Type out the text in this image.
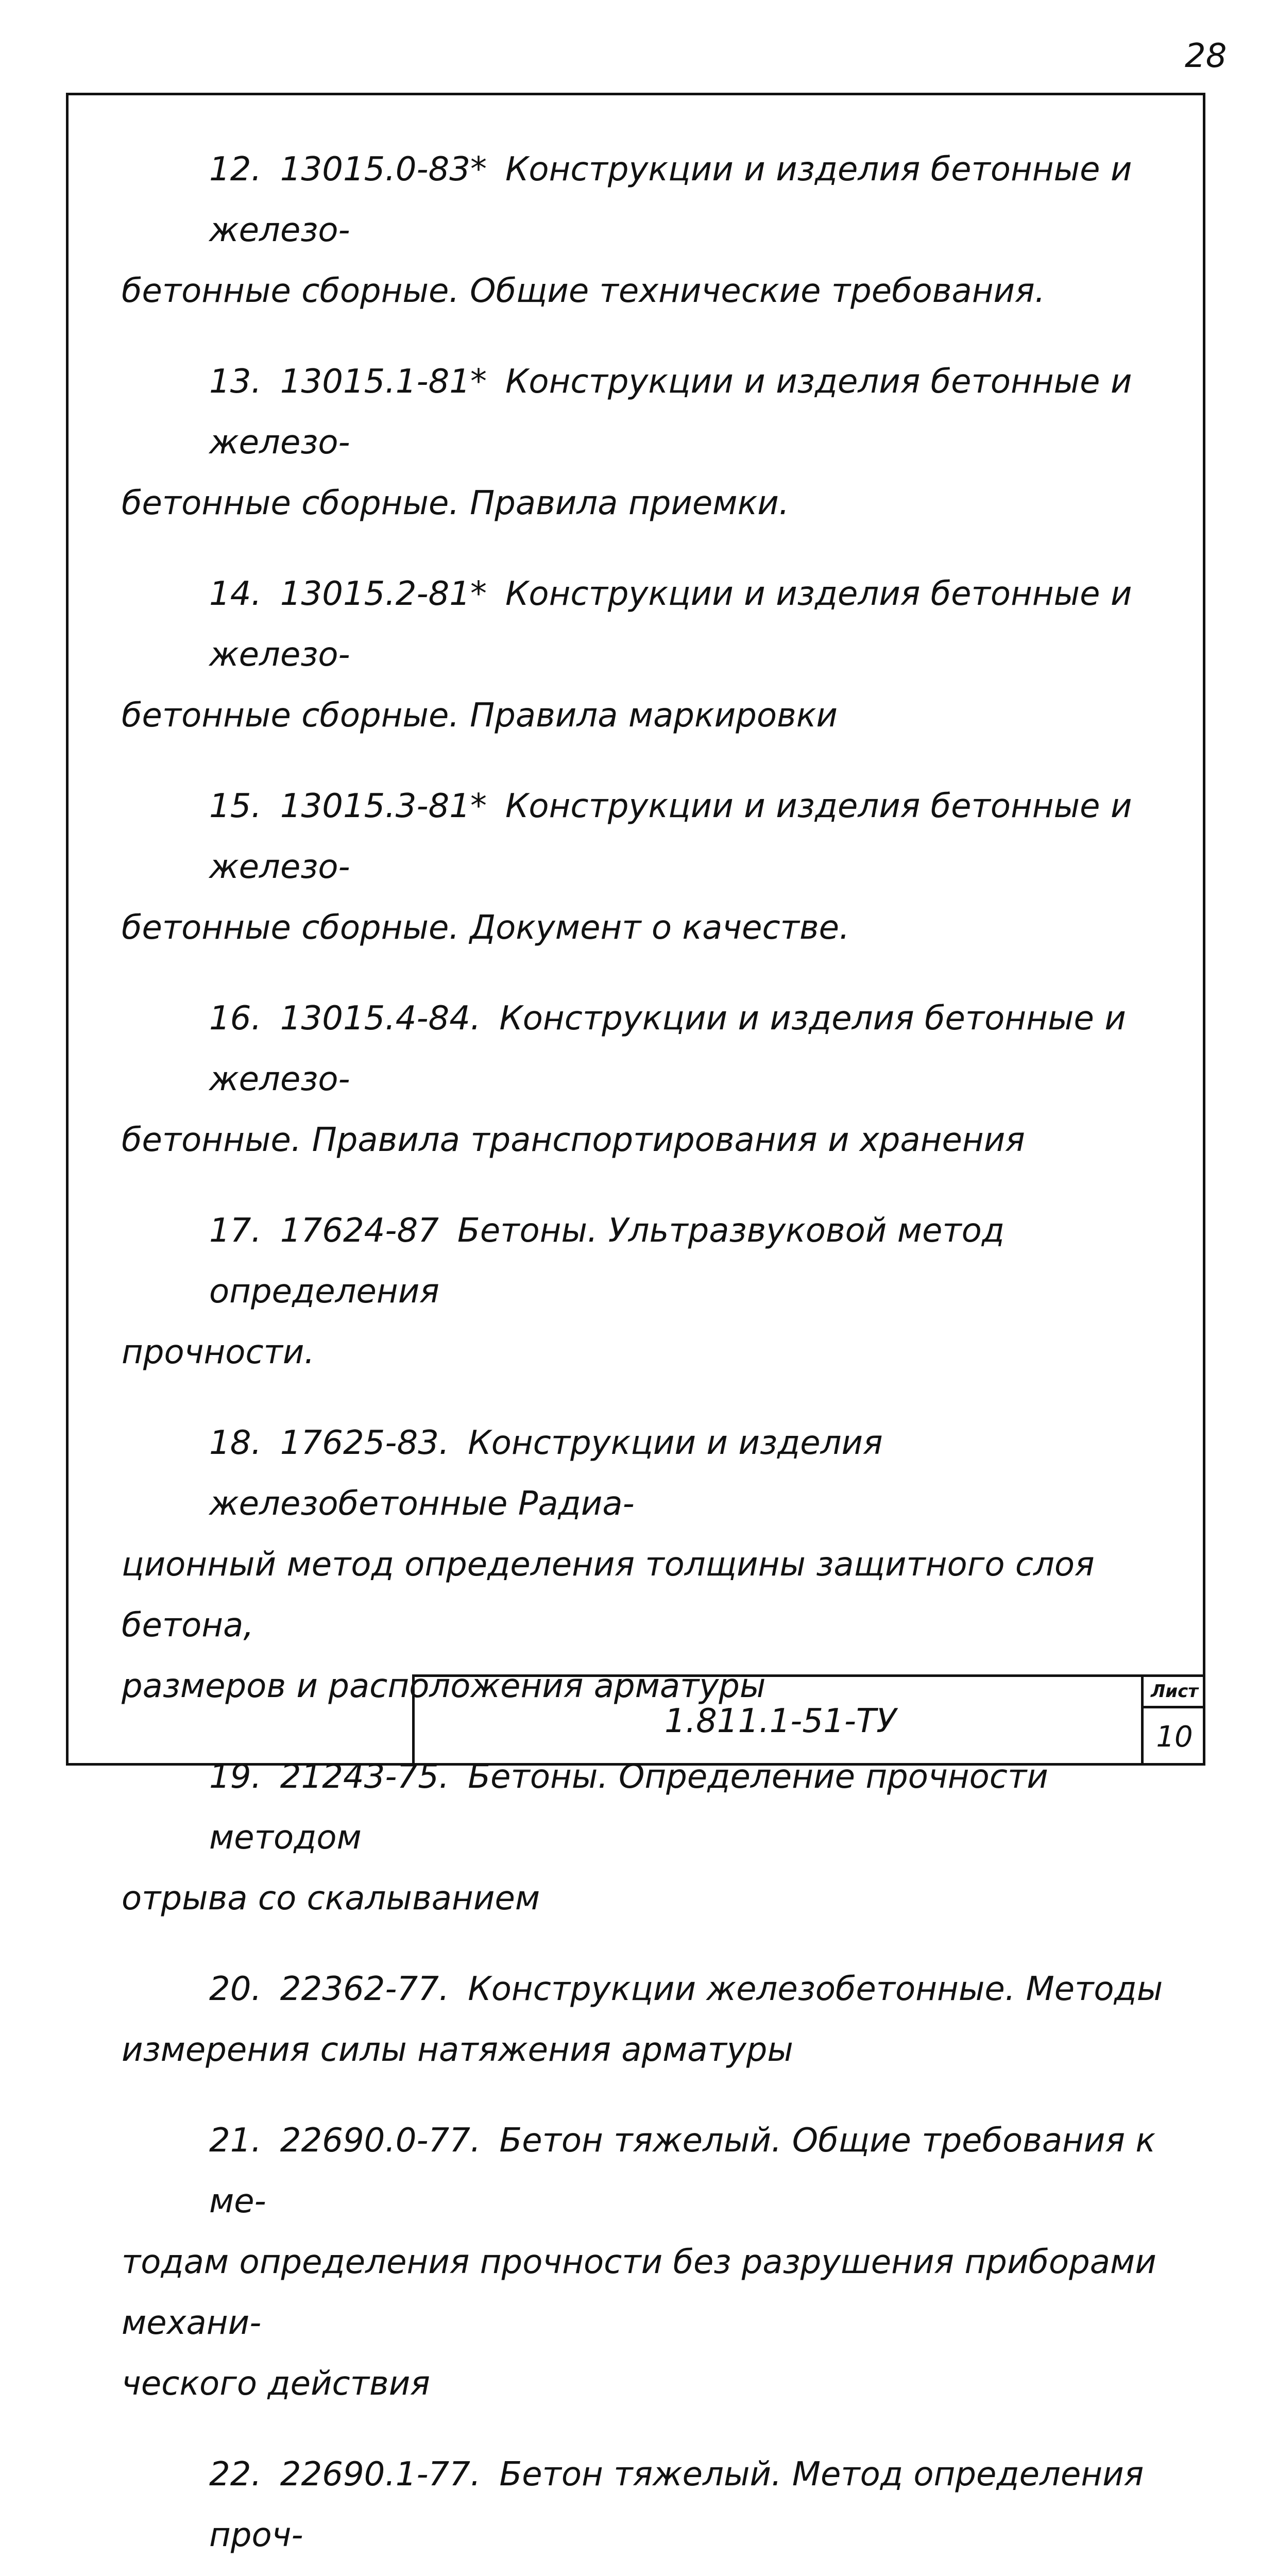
28
12. 13015.0-83* Конструкции и изделия бетонные и железо-
бетонные сборные. Общие технические требования.
13. 13015.1-81* Конструкции и изделия бетонные и железо-
бетонные сборные. Правила приемки.
14. 13015.2-81* Конструкции и изделия бетонные и железо-
бетонные сборные. Правила маркировки
15. 13015.3-81* Конструкции и изделия бетонные и железо-
бетонные сборные. Документ о качестве.
16. 13015.4-84. Конструкции и изделия бетонные и железо-
бетонные. Правила транспортирования и хранения
17. 17624-87 Бетоны. Ультразвуковой метод определения
прочности.
18. 17625-83. Конструкции и изделия железобетонные Радиа-
ционный метод определения толщины защитного слоя бетона,
размеров и расположения арматуры
19. 21243-75. Бетоны. Определение прочности методом
отрыва со скалыванием
20. 22362-77. Конструкции железобетонные. Методы
измерения силы натяжения арматуры
21. 22690.0-77. Бетон тяжелый. Общие требования к ме-
тодам определения прочности без разрушения приборами механи-
ческого действия
22. 22690.1-77. Бетон тяжелый. Метод определения проч-
1.811.1-51-ТУ
Лист
10
